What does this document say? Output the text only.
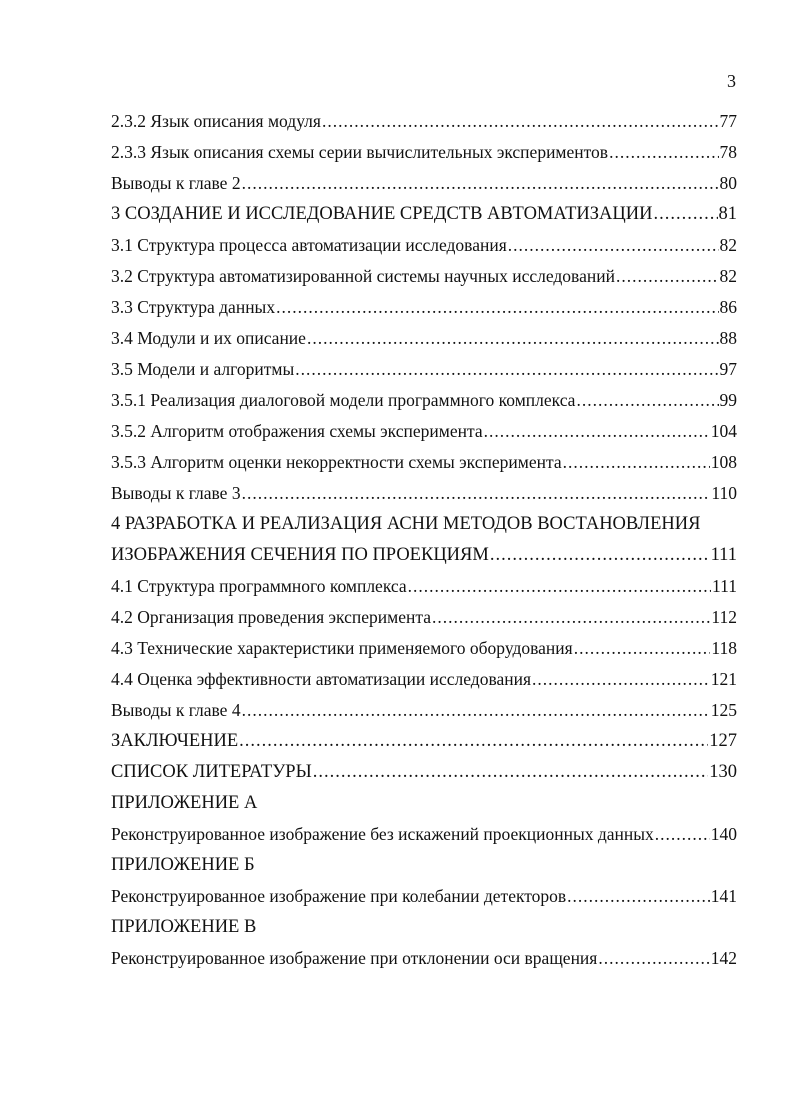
3
2.3.2 Язык описания модуля .....	77
2.3.3 Язык описания схемы серии вычислительных экспериментов .....	78
Выводы к главе 2 .....	80
3 СОЗДАНИЕ И ИССЛЕДОВАНИЕ СРЕДСТВ АВТОМАТИЗАЦИИ .....	81
3.1 Структура процесса автоматизации исследования .....	82
3.2 Структура автоматизированной системы научных исследований .....	82
3.3 Структура данных .....	86
3.4 Модули и их описание .....	88
3.5 Модели и алгоритмы .....	97
3.5.1 Реализация диалоговой модели программного комплекса .....	99
3.5.2 Алгоритм отображения схемы эксперимента .....	104
3.5.3 Алгоритм оценки некорректности схемы эксперимента .....	108
Выводы к главе 3 .....	110
4 РАЗРАБОТКА И РЕАЛИЗАЦИЯ АСНИ МЕТОДОВ ВОСТАНОВЛЕНИЯ
ИЗОБРАЖЕНИЯ СЕЧЕНИЯ ПО ПРОЕКЦИЯМ .....	111
4.1 Структура программного комплекса .....	111
4.2 Организация проведения эксперимента .....	112
4.3 Технические характеристики применяемого оборудования .....	118
4.4 Оценка эффективности автоматизации исследования .....	121
Выводы к главе 4 .....	125
ЗАКЛЮЧЕНИЕ .....	127
СПИСОК ЛИТЕРАТУРЫ .....	130
ПРИЛОЖЕНИЕ А
Реконструированное изображение без искажений проекционных данных .....	140
ПРИЛОЖЕНИЕ Б
Реконструированное изображение при колебании детекторов .....	141
ПРИЛОЖЕНИЕ В
Реконструированное изображение при отклонении оси вращения .....	142
